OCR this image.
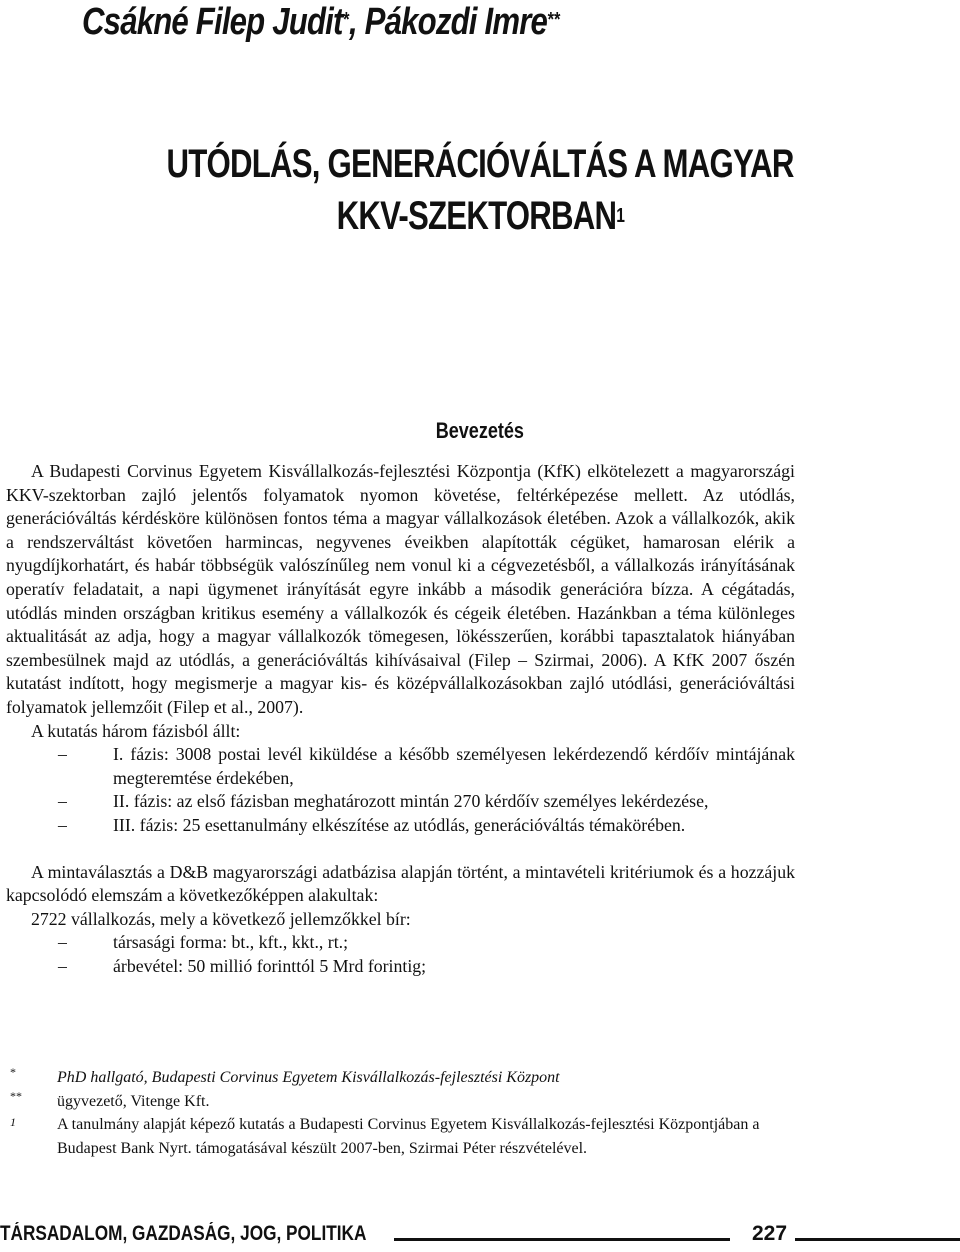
Csákné Filep Judit*, Pákozdi Imre**
UTÓDLÁS, GENERÁCIÓVÁLTÁS A MAGYAR
KKV-SZEKTORBAN$^1$
Bevezetés

A Budapesti Corvinus Egyetem Kisvállalkozás-fejlesztési Központja (KfK) elkötelezett a magyarországi KKV-szektorban zajló jelentős folyamatok nyomon követése, feltérképezése mellett. Az utódlás, generációváltás kérdésköre különösen fontos téma a magyar vállalkozások életében. Azok a vállalkozók, akik a rendszerváltást követően harmincas, negyvenes éveikben alapították cégüket, hamarosan elérik a nyugdíjkorhatárt, és habár többségük valószínűleg nem vonul ki a cégvezetésből, a vállalkozás irányításának operatív feladatait, a napi ügymenet irányítását egyre inkább a második generációra bízza. A cégátadás, utódlás minden országban kritikus esemény a vállalkozók és cégeik életében. Hazánkban a téma különleges aktualitását az adja, hogy a magyar vállalkozók tömegesen, lökésszerűen, korábbi tapasztalatok hiányában szembesülnek majd az utódlás, a generációváltás kihívásaival (Filep – Szirmai, 2006). A KfK 2007 őszén kutatást indított, hogy megismerje a magyar kis- és középvállalkozásokban zajló utódlási, generációváltási folyamatok jellemzőit (Filep et al., 2007).

A kutatás három fázisból állt:

–	I. fázis: 3008 postai levél kiküldése a később személyesen lekérdezendő kérdőív mintájának megteremtése érdekében,
–	II. fázis: az első fázisban meghatározott mintán 270 kérdőív személyes lekérdezése,
–	III. fázis: 25 esettanulmány elkészítése az utódlás, generációváltás témakörében.

A mintaválasztás a D&B magyarországi adatbázisa alapján történt, a mintavételi kritériumok és a hozzájuk kapcsolódó elemszám a következőképpen alakultak:

2722 vállalkozás, mely a következő jellemzőkkel bír:

–	társasági forma: bt., kft., kkt., rt.;
–	árbevétel: 50 millió forinttól 5 Mrd forintig;
*	PhD hallgató, Budapesti Corvinus Egyetem Kisvállalkozás-fejlesztési Központ
** ügyvezető, Vitenge Kft.
1	A tanulmány alapját képező kutatás a Budapesti Corvinus Egyetem Kisvállalkozás-fejlesztési Központjában a Budapest Bank Nyrt. támogatásával készült 2007-ben, Szirmai Péter részvételével.
TÁRSADALOM, GAZDASÁG, JOG, POLITIKA	227
